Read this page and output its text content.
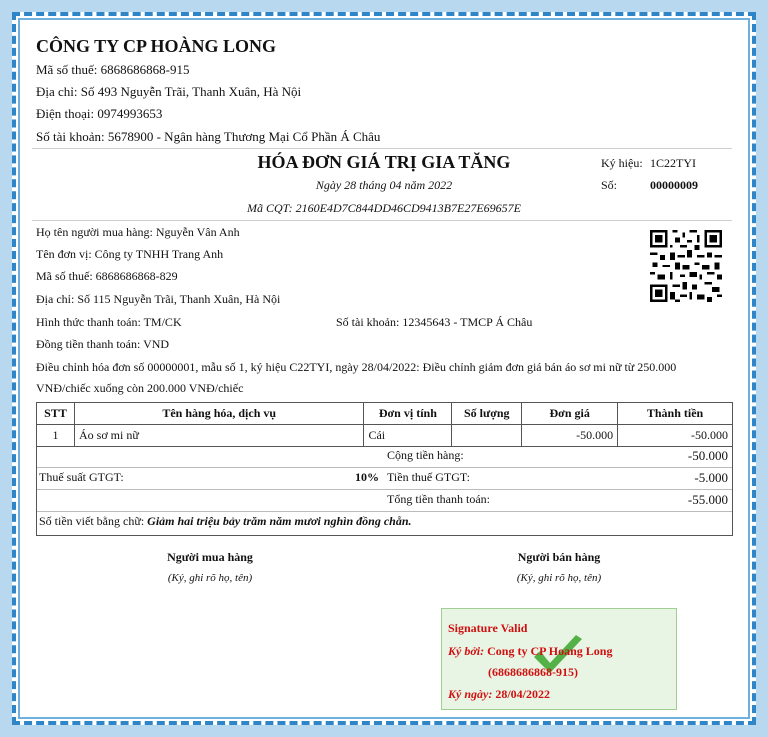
CÔNG TY CP HOÀNG LONG
Mã số thuế: 6868686868-915
Địa chỉ: Số 493 Nguyễn Trãi, Thanh Xuân, Hà Nội
Điện thoại: 0974993653
Số tài khoản: 5678900 - Ngân hàng Thương Mại Cổ Phần Á Châu
HÓA ĐƠN GIÁ TRỊ GIA TĂNG
Ngày 28 tháng 04 năm 2022
Mã CQT: 2160E4D7C844DD46CD9413B7E27E69657E
Ký hiệu: 1C22TYI
Số:	00000009
Họ tên người mua hàng: Nguyễn Vân Anh
Tên đơn vị: Công ty TNHH Trang Anh
Mã số thuế: 6868686868-829
Địa chỉ: Số 115 Nguyễn Trãi, Thanh Xuân, Hà Nội
Hình thức thanh toán: TM/CK	Số tài khoản: 12345643 - TMCP Á Châu
Đồng tiền thanh toán: VND
Điều chỉnh hóa đơn số 00000001, mẫu số 1, ký hiệu C22TYI, ngày 28/04/2022: Điều chỉnh giảm đơn giá bán áo sơ mi nữ từ 250.000
VNĐ/chiếc xuống còn 200.000 VNĐ/chiếc
STT	Tên hàng hóa, dịch vụ	Đơn vị tính	Số lượng	Đơn giá	Thành tiền
1	Áo sơ mi nữ	Cái		-50.000	-50.000
Cộng tiền hàng:	-50.000
Thuế suất GTGT:	10% Tiền thuế GTGT:	-5.000
Tổng tiền thanh toán:	-55.000
Số tiền viết bằng chữ: Giảm hai triệu bảy trăm năm mươi nghìn đồng chẵn.
Người mua hàng
(Ký, ghi rõ họ, tên)
Người bán hàng
(Ký, ghi rõ họ, tên)
Signature Valid
Ký bởi: Cong ty CP Hoang Long
(6868686868-915)
Ký ngày: 28/04/2022
